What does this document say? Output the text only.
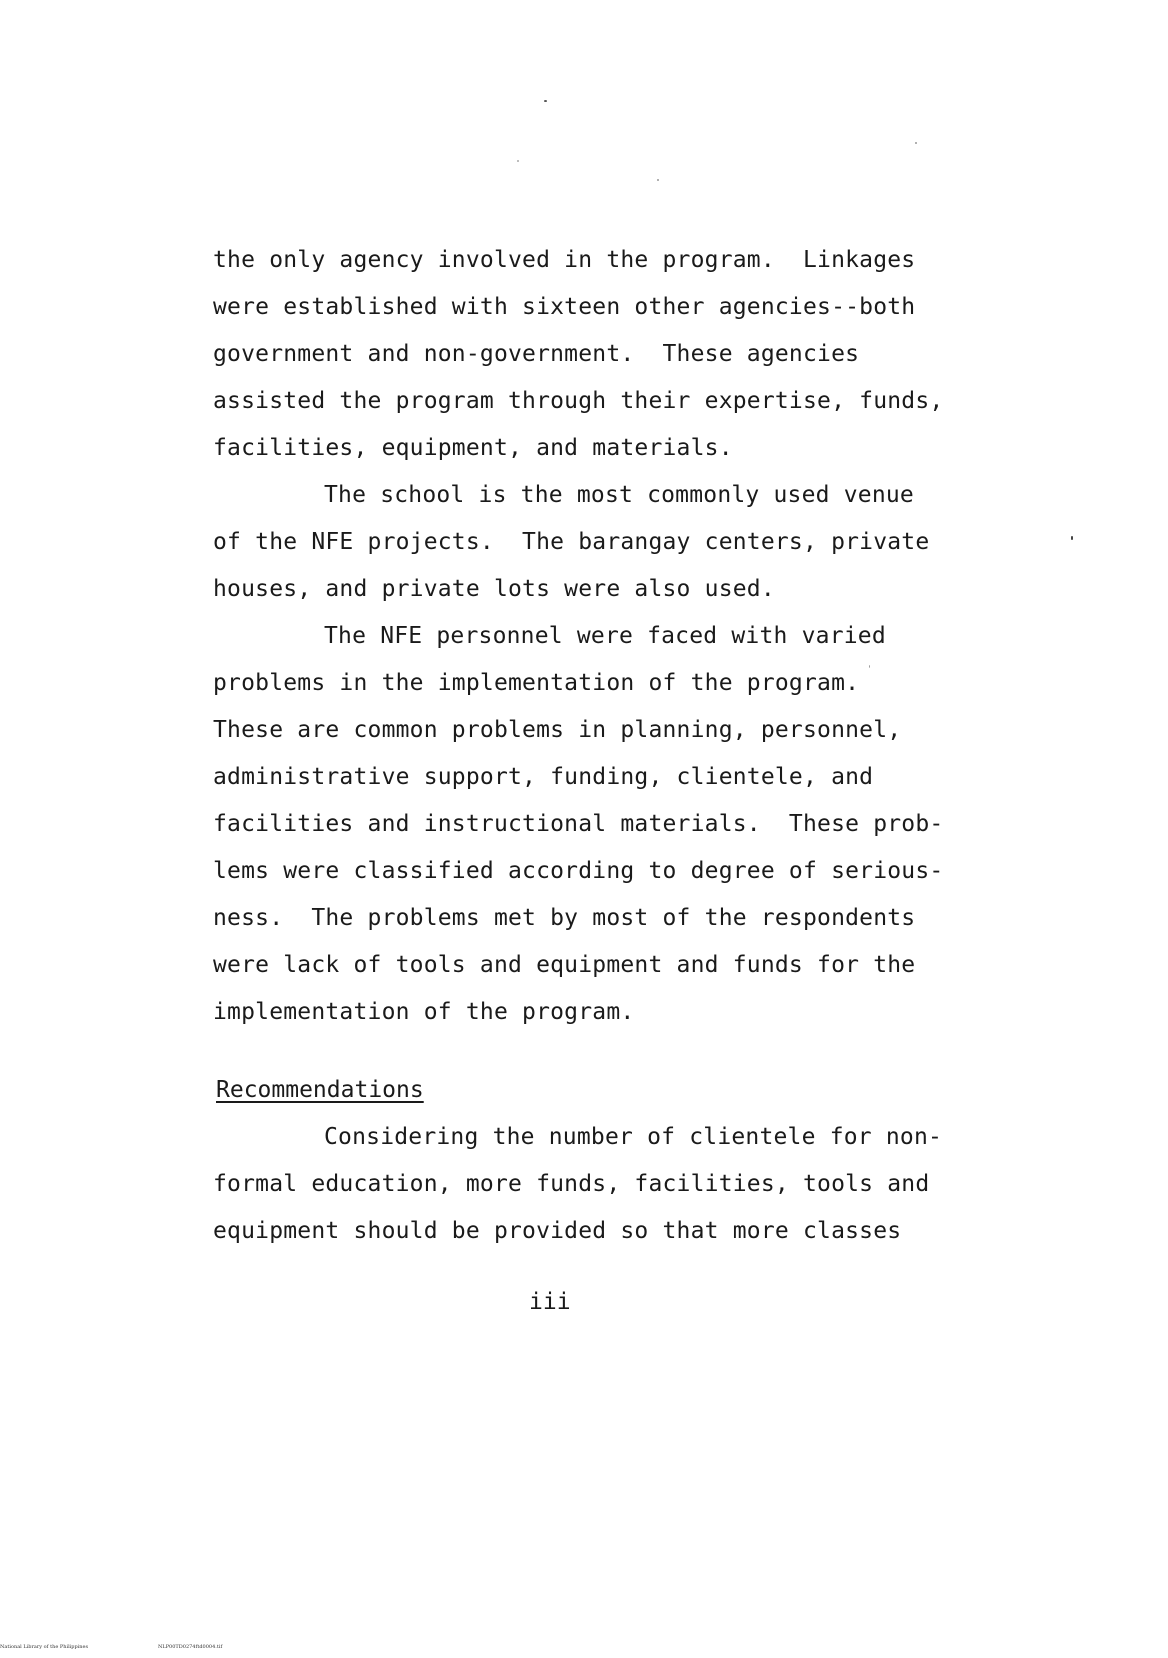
the only agency involved in the program.  Linkages
were established with sixteen other agencies--both
government and non-government.  These agencies
assisted the program through their expertise, funds,
facilities, equipment, and materials.
The school is the most commonly used venue
of the NFE projects.  The barangay centers, private
houses, and private lots were also used.
The NFE personnel were faced with varied
problems in the implementation of the program.
These are common problems in planning, personnel,
administrative support, funding, clientele, and
facilities and instructional materials.  These prob-
lems were classified according to degree of serious-
ness.  The problems met by most of the respondents
were lack of tools and equipment and funds for the
implementation of the program.
Recommendations
Considering the number of clientele for non-
formal education, more funds, facilities, tools and
equipment should be provided so that more classes
iii
National Library of the Philippines	NLP00TD0274ftd0004.tif
